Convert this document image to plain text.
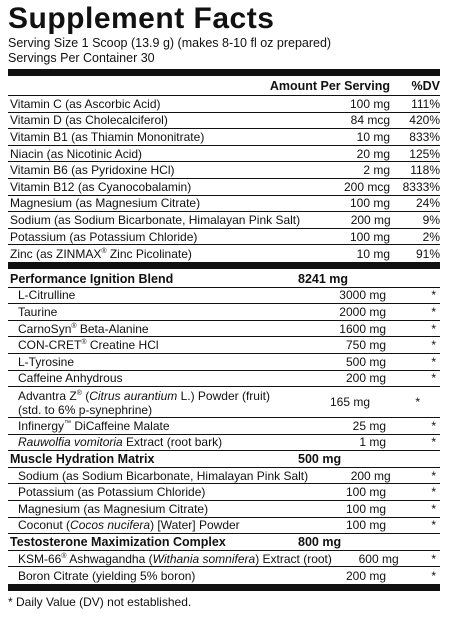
Supplement Facts
Serving Size 1 Scoop (13.9 g) (makes 8-10 fl oz prepared)
Servings Per Container 30
Amount Per Serving	%DV
Vitamin C (as Ascorbic Acid)	100 mg	111%
Vitamin D (as Cholecalciferol)	84 mcg	420%
Vitamin B1 (as Thiamin Mononitrate)	10 mg	833%
Niacin (as Nicotinic Acid)	20 mg	125%
Vitamin B6 (as Pyridoxine HCl)	2 mg	118%
Vitamin B12 (as Cyanocobalamin)	200 mcg	8333%
Magnesium (as Magnesium Citrate)	100 mg	24%
Sodium (as Sodium Bicarbonate, Himalayan Pink Salt)	200 mg	9%
Potassium (as Potassium Chloride)	100 mg	2%
Zinc (as ZINMAX® Zinc Picolinate)	10 mg	91%
Performance Ignition Blend	8241 mg
L-Citrulline	3000 mg	*
Taurine	2000 mg	*
CarnoSyn® Beta-Alanine	1600 mg	*
CON-CRET® Creatine HCl	750 mg	*
L-Tyrosine	500 mg	*
Caffeine Anhydrous	200 mg	*
Advantra Z® (Citrus aurantium L.) Powder (fruit) (std. to 6% p-synephrine)
165 mg	*
Infinergy™ DiCaffeine Malate	25 mg	*
Rauwolfia vomitoria Extract (root bark)	1 mg	*
Muscle Hydration Matrix	500 mg
Sodium (as Sodium Bicarbonate, Himalayan Pink Salt)	200 mg	*
Potassium (as Potassium Chloride)	100 mg	*
Magnesium (as Magnesium Citrate)	100 mg	*
Coconut (Cocos nucifera) [Water] Powder	100 mg	*
Testosterone Maximization Complex	800 mg
KSM-66® Ashwagandha (Withania somnifera) Extract (root)	600 mg	*
Boron Citrate (yielding 5% boron)	200 mg	*
* Daily Value (DV) not established.
